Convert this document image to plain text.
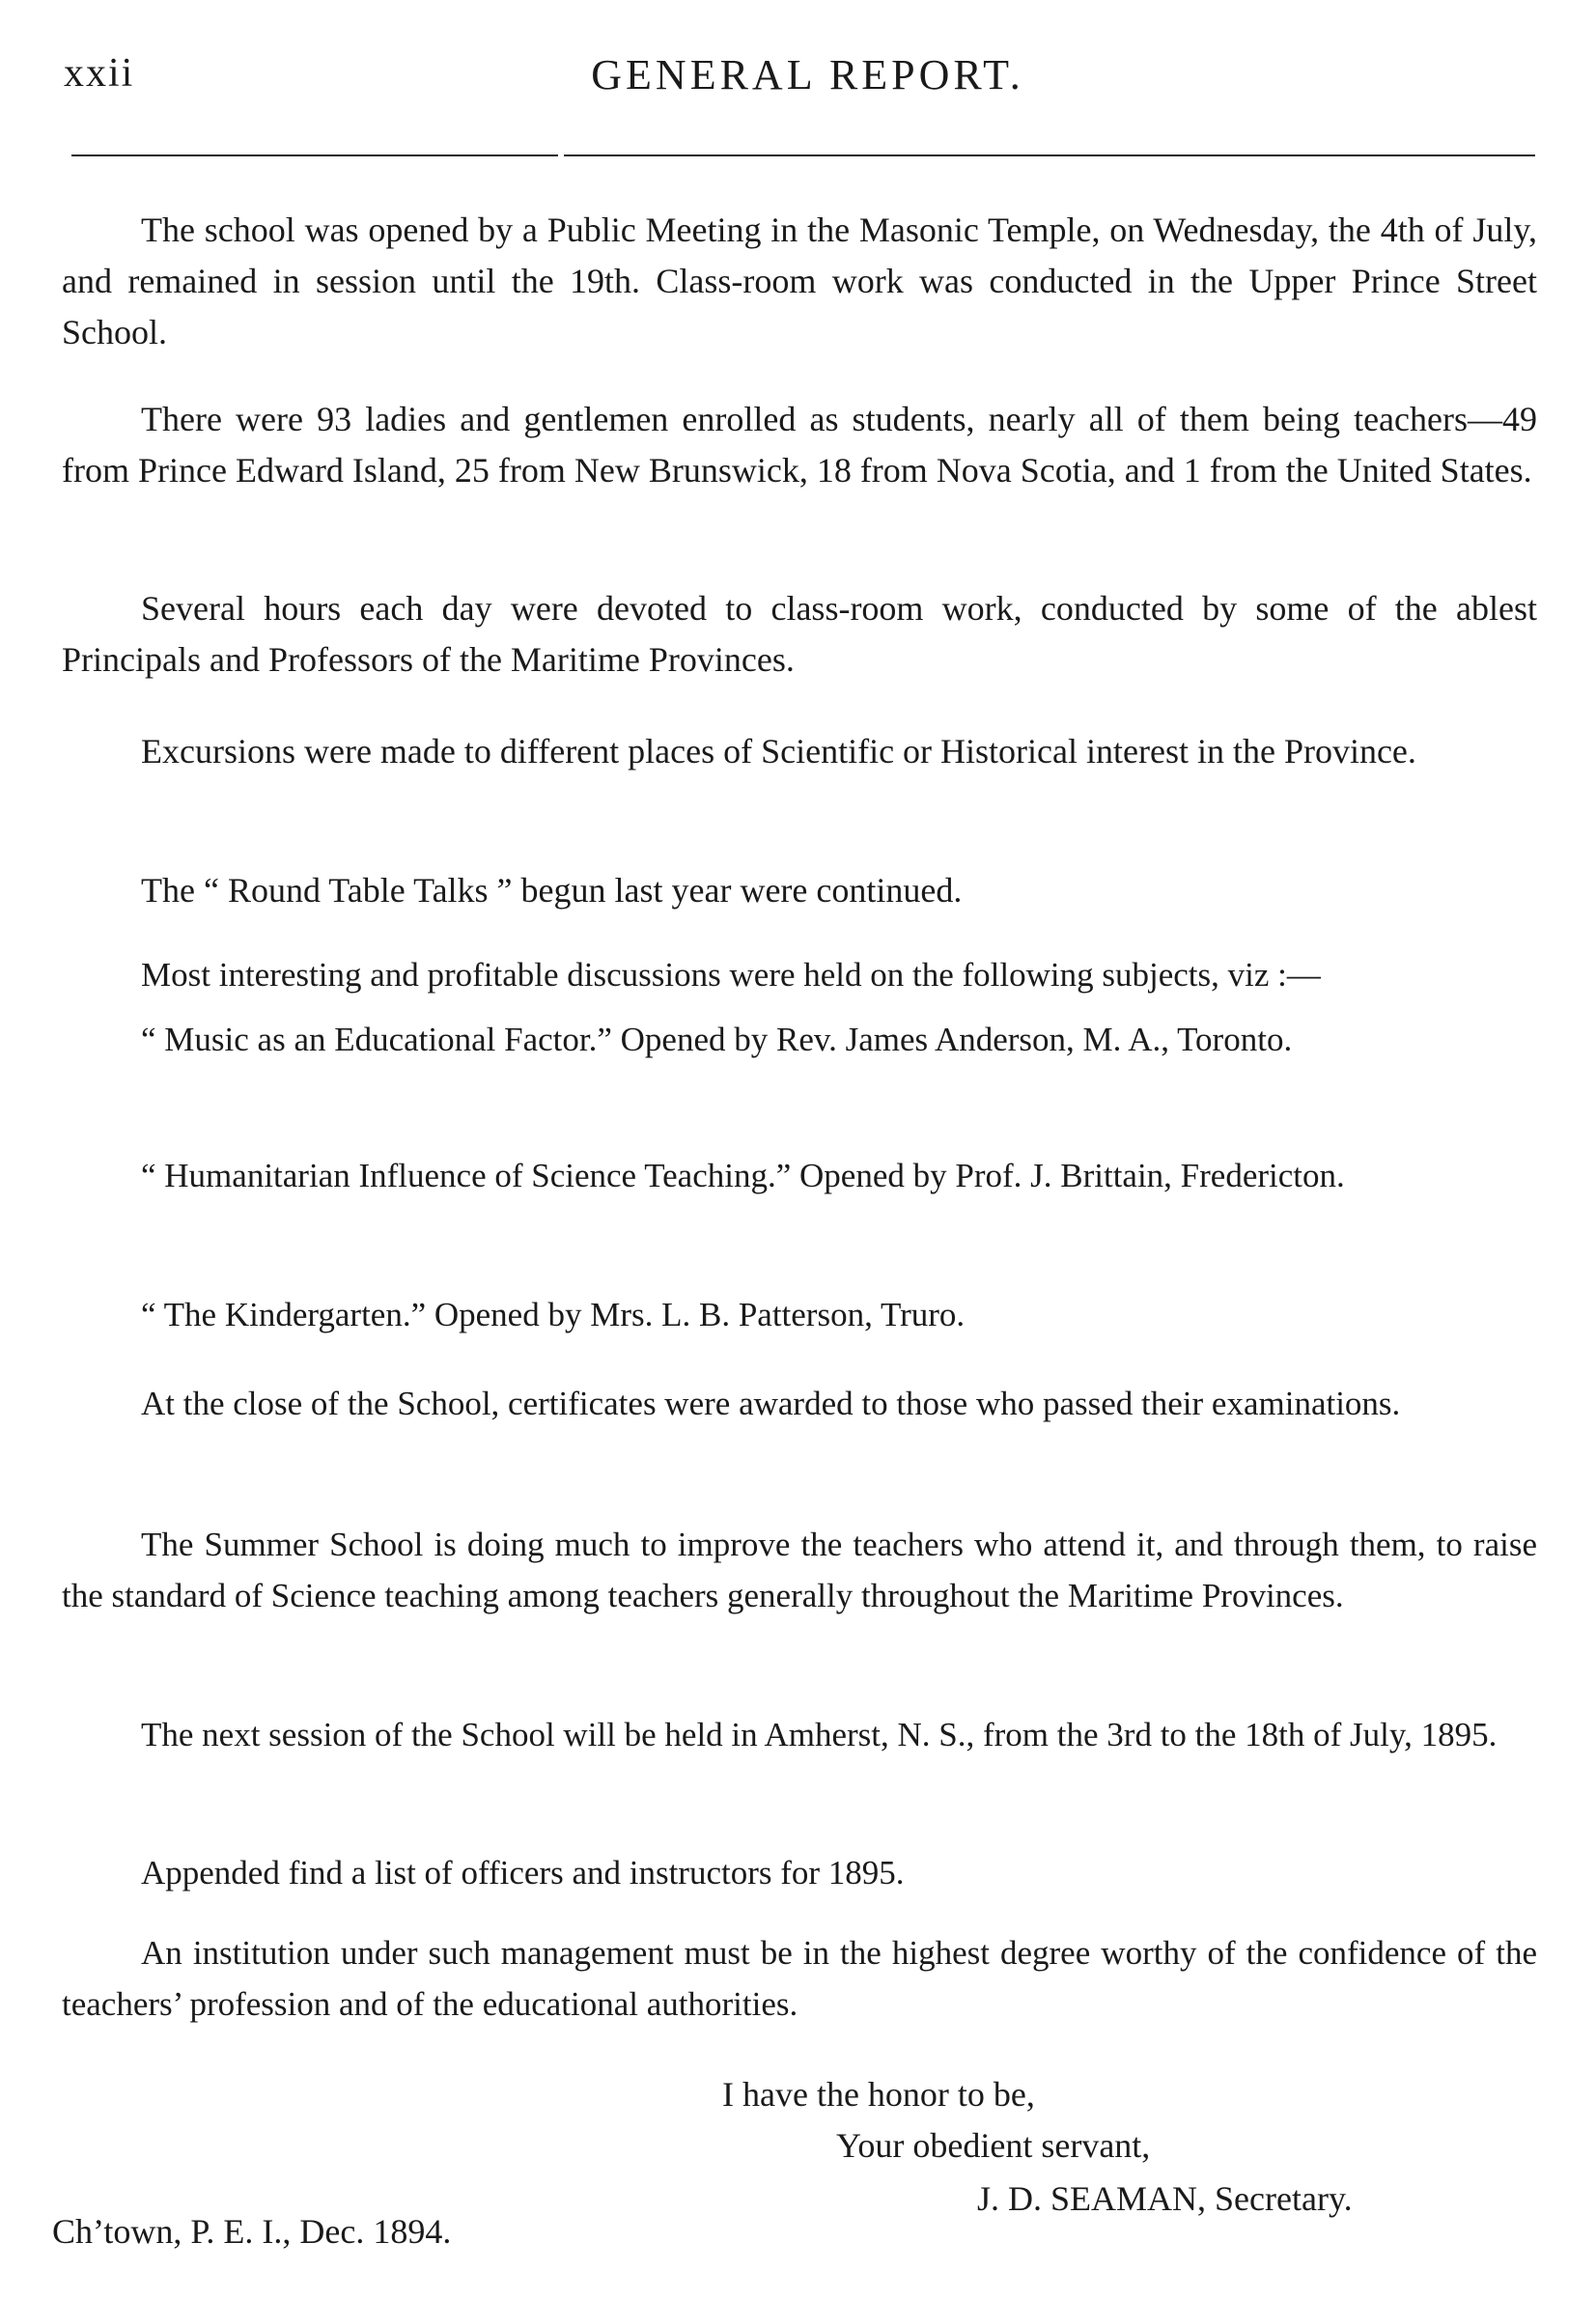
xxii	GENERAL REPORT.

The school was opened by a Public Meeting in the Masonic Temple, on Wednesday, the 4th of July, and remained in session until the 19th. Class-room work was conducted in the Upper Prince Street School.

There were 93 ladies and gentlemen enrolled as students, nearly all of them being teachers—49 from Prince Edward Island, 25 from New Brunswick, 18 from Nova Scotia, and 1 from the United States.

Several hours each day were devoted to class-room work, conducted by some of the ablest Principals and Professors of the Maritime Provinces.

Excursions were made to different places of Scientific or Historical interest in the Province.

The “ Round Table Talks ” begun last year were continued.

Most interesting and profitable discussions were held on the following subjects, viz :—

“ Music as an Educational Factor.” Opened by Rev. James Anderson, M. A., Toronto.

“ Humanitarian Influence of Science Teaching.” Opened by Prof. J. Brittain, Fredericton.

“ The Kindergarten.” Opened by Mrs. L. B. Patterson, Truro.

At the close of the School, certificates were awarded to those who passed their examinations.

The Summer School is doing much to improve the teachers who attend it, and through them, to raise the standard of Science teaching among teachers generally throughout the Maritime Provinces.

The next session of the School will be held in Amherst, N. S., from the 3rd to the 18th of July, 1895.

Appended find a list of officers and instructors for 1895.

An institution under such management must be in the highest degree worthy of the confidence of the teachers’ profession and of the educational authorities.

I have the honor to be,
Your obedient servant,
J. D. SEAMAN, Secretary.
Ch’town, P. E. I., Dec. 1894.
